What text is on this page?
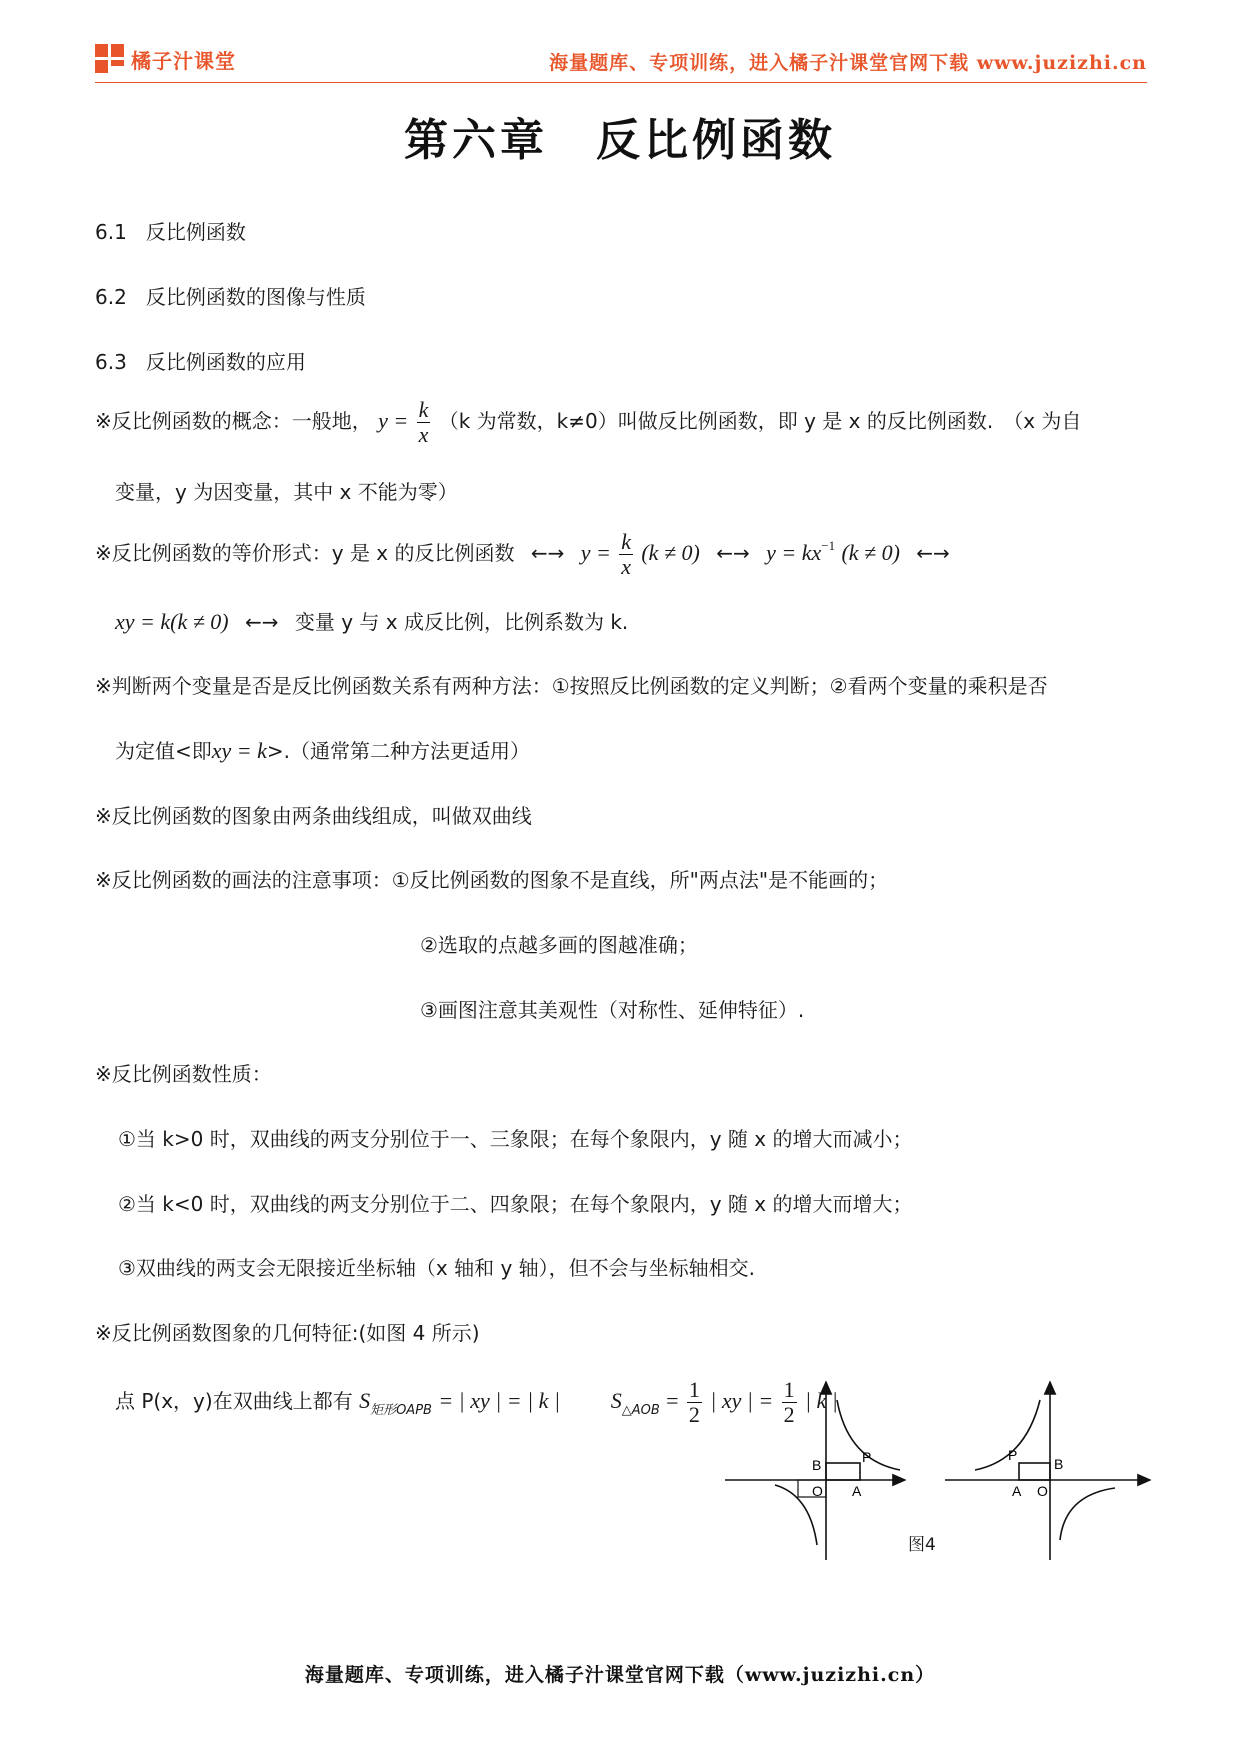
橘子汁课堂	海量题库、专项训练，进入橘子汁课堂官网下载 www.juzizhi.cn
第六章　反比例函数
6.1 反比例函数
6.2 反比例函数的图像与性质
6.3 反比例函数的应用
※反比例函数的概念：一般地， $y = \frac{k}{x} (k$ 为常数，k≠0）叫做反比例函数，即 y 是 x 的反比例函数.　（x 为自
变量，y 为因变量，其中 x 不能为零）
※反比例函数的等价形式：y 是 x 的反比例函数 ←→ $y = \frac{k}{x} (k \ne 0)$ ←→ $y = kx^{-1}$ (k ≠ 0) ←→
xy = k(k ≠ 0) ←→ 变量 y 与 x 成反比例，比例系数为 k.
※判断两个变量是否是反比例函数关系有两种方法：①按照反比例函数的定义判断；②看两个变量的乘积是否
为定值<即xy = k>.（通常第二种方法更适用）
※反比例函数的图象由两条曲线组成，叫做双曲线
※反比例函数的画法的注意事项：①反比例函数的图象不是直线，所"两点法"是不能画的；
②选取的点越多画的图越准确；
③画图注意其美观性（对称性、延伸特征）.
※反比例函数性质：
①当 k>0 时，双曲线的两支分别位于一、三象限；在每个象限内，y 随 x 的增大而减小；
②当 k<0 时，双曲线的两支分别位于二、四象限；在每个象限内，y 随 x 的增大而增大；
③双曲线的两支会无限接近坐标轴（x 轴和 y 轴），但不会与坐标轴相交.
※反比例函数图象的几何特征:(如图 4 所示)
点 P(x，y)在双曲线上都有 $S_{矩形OAPB}$ = | xy | = | k | $S_{\triangle AOB} = \frac{1}{2}$ | xy | = $\frac{1}{2}$ | k |
B	P
O A
P
B
A O
图4
海量题库、专项训练，进入橘子汁课堂官网下载（www.juzizhi.cn）
